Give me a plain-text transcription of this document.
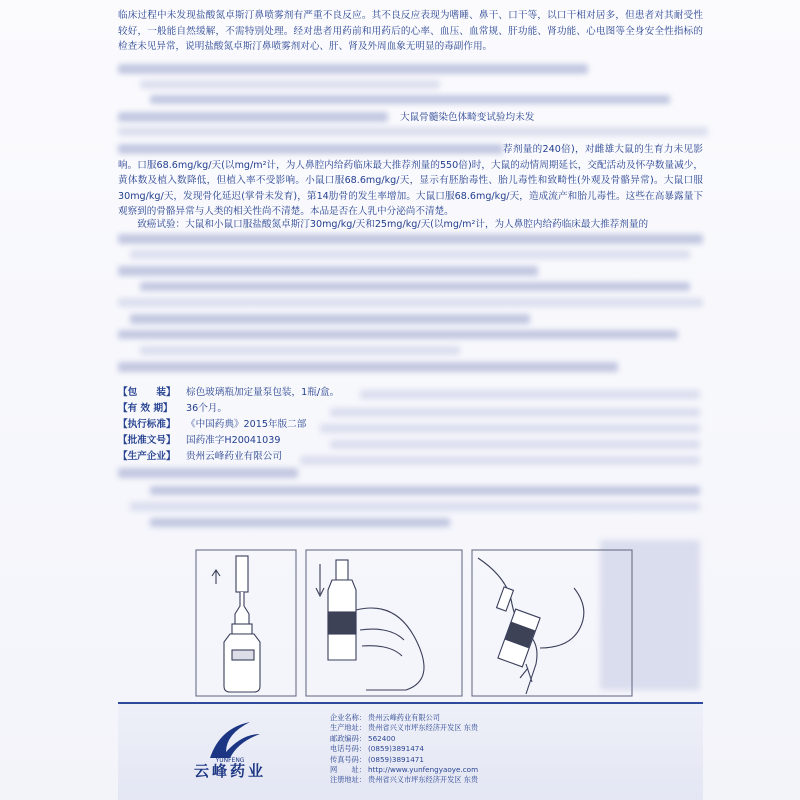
临床过程中未发现盐酸氮卓斯汀鼻喷雾剂有严重不良反应。其不良反应表现为嗜睡、鼻干、口干等，以口干相对居多，但患者对其耐受性较好，一般能自然缓解，不需特别处理。经对患者用药前和用药后的心率、血压、血常规、肝功能、肾功能、心电图等全身安全性指标的检查未见异常，说明盐酸氮卓斯汀鼻喷雾剂对心、肝、肾及外周血象无明显的毒副作用。

大鼠骨髓染色体畸变试验均未发

荐剂量的240倍)，对雌雄大鼠的生育力未见影响。口服68.6mg/kg/天(以mg/m²计，为人鼻腔内给药临床最大推荐剂量的550倍)时，大鼠的动情周期延长，交配活动及怀孕数量减少，黄体数及植入数降低，但植入率不受影响。小鼠口服68.6mg/kg/天，显示有胚胎毒性、胎儿毒性和致畸性(外观及骨骼异常)。大鼠口服30mg/kg/天，发现骨化延迟(掌骨未发育)，第14肋骨的发生率增加。大鼠口服68.6mg/kg/天，造成流产和胎儿毒性。这些在高暴露量下观察到的骨骼异常与人类的相关性尚不清楚。本品是否在人乳中分泌尚不清楚。

致癌试验：大鼠和小鼠口服盐酸氮卓斯汀30mg/kg/天和25mg/kg/天(以mg/m²计，为人鼻腔内给药临床最大推荐剂量的

【包　　装】	棕色玻璃瓶加定量泵包装，1瓶/盒。
【有 效 期】	36个月。
【执行标准】	《中国药典》2015年版二部
【批准文号】	国药准字H20041039
【生产企业】	贵州云峰药业有限公司
YUNFENG
云峰药业
企业名称： 贵州云峰药业有限公司
生产地址： 贵州省兴义市坪东经济开发区 东贵
邮政编码： 562400
电话号码： (0859)3891474
传真号码： (0859)3891471
网　　址： http://www.yunfengyaoye.com
注册地址： 贵州省兴义市坪东经济开发区 东贵
